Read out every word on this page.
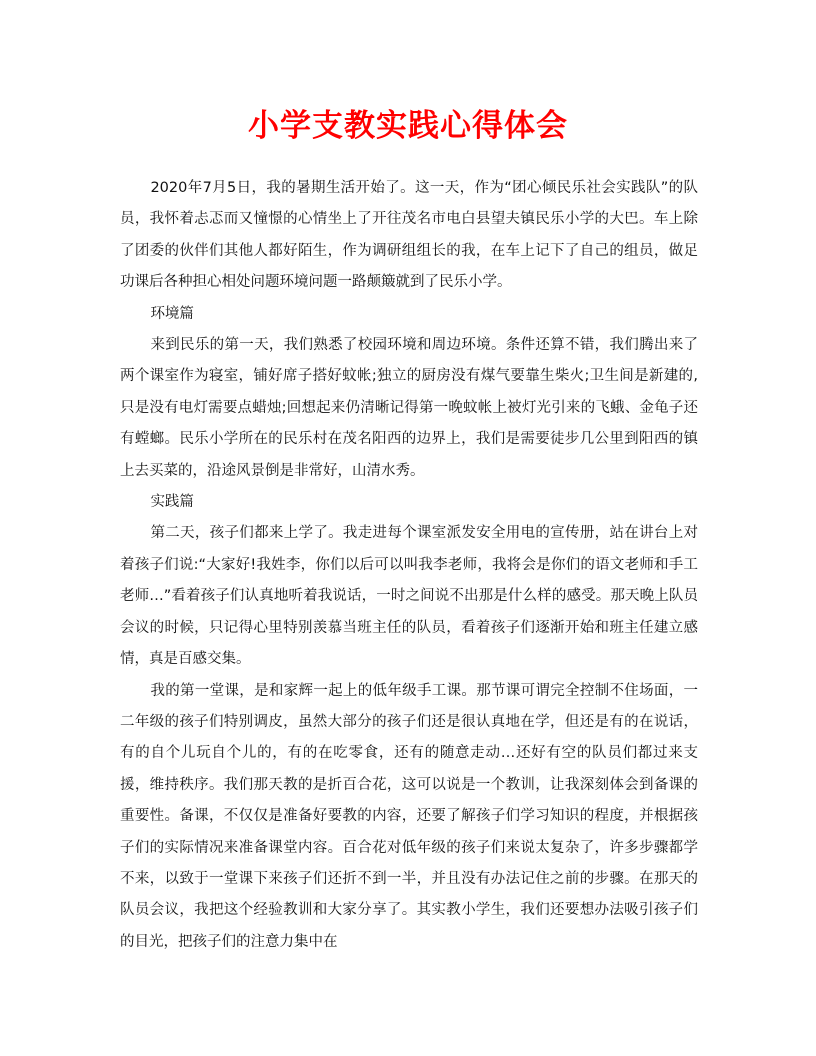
小学支教实践心得体会

2020年7月5日，我的暑期生活开始了。这一天，作为“团心倾民乐社会实践队”的队员，我怀着忐忑而又憧憬的心情坐上了开往茂名市电白县望夫镇民乐小学的大巴。车上除了团委的伙伴们其他人都好陌生，作为调研组组长的我，在车上记下了自己的组员，做足功课后各种担心相处问题环境问题一路颠簸就到了民乐小学。

环境篇

来到民乐的第一天，我们熟悉了校园环境和周边环境。条件还算不错，我们腾出来了两个课室作为寝室，铺好席子搭好蚊帐;独立的厨房没有煤气要靠生柴火;卫生间是新建的,只是没有电灯需要点蜡烛;回想起来仍清晰记得第一晚蚊帐上被灯光引来的飞蛾、金龟子还有螳螂。民乐小学所在的民乐村在茂名阳西的边界上，我们是需要徒步几公里到阳西的镇上去买菜的，沿途风景倒是非常好，山清水秀。

实践篇

第二天，孩子们都来上学了。我走进每个课室派发安全用电的宣传册，站在讲台上对着孩子们说:“大家好!我姓李，你们以后可以叫我李老师，我将会是你们的语文老师和手工老师…”看着孩子们认真地听着我说话，一时之间说不出那是什么样的感受。那天晚上队员会议的时候，只记得心里特别羡慕当班主任的队员，看着孩子们逐渐开始和班主任建立感情，真是百感交集。

我的第一堂课，是和家辉一起上的低年级手工课。那节课可谓完全控制不住场面，一二年级的孩子们特别调皮，虽然大部分的孩子们还是很认真地在学，但还是有的在说话，有的自个儿玩自个儿的，有的在吃零食，还有的随意走动…还好有空的队员们都过来支援，维持秩序。我们那天教的是折百合花，这可以说是一个教训，让我深刻体会到备课的重要性。备课，不仅仅是准备好要教的内容，还要了解孩子们学习知识的程度，并根据孩子们的实际情况来准备课堂内容。百合花对低年级的孩子们来说太复杂了，许多步骤都学不来，以致于一堂课下来孩子们还折不到一半，并且没有办法记住之前的步骤。在那天的队员会议，我把这个经验教训和大家分享了。其实教小学生，我们还要想办法吸引孩子们的目光，把孩子们的注意力集中在
